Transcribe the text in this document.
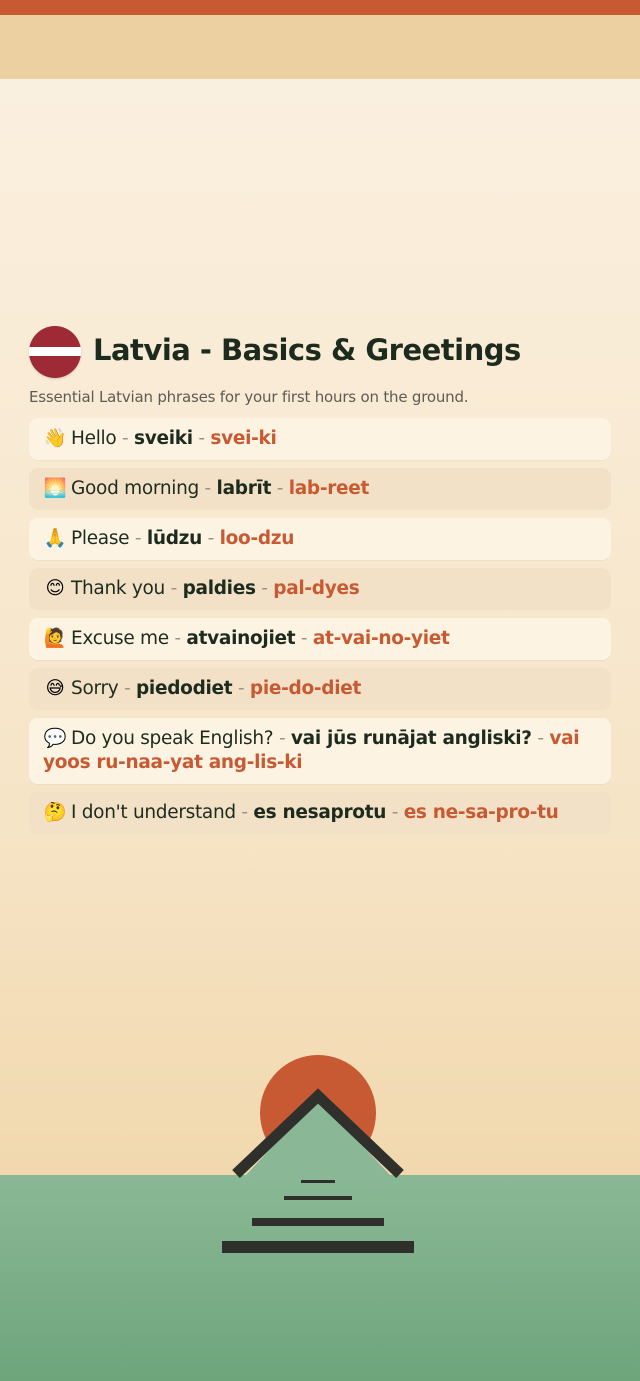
Latvia - Basics & Greetings

Essential Latvian phrases for your first hours on the ground.

👋 Hello - sveiki - svei-ki
🌅 Good morning - labrīt - lab-reet
🙏 Please - lūdzu - loo-dzu
😊 Thank you - paldies - pal-dyes
🙋 Excuse me - atvainojiet - at-vai-no-yiet
😅 Sorry - piedodiet - pie-do-diet
💬 Do you speak English? - vai jūs runājat angliski? - vai yoos ru-naa-yat ang-lis-ki
🤔 I don't understand - es nesaprotu - es ne-sa-pro-tu
